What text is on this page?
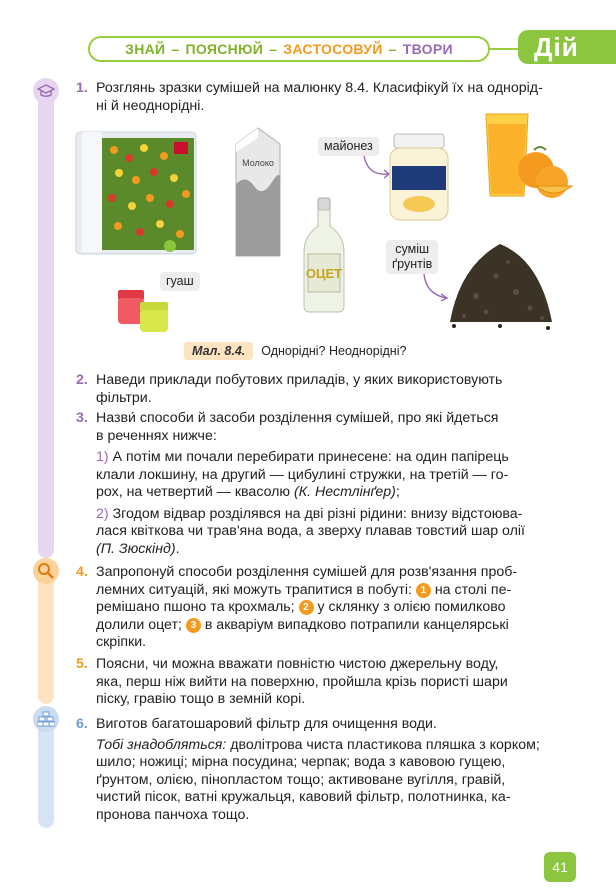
ЗНАЙ – ПОЯСНЮЙ – ЗАСТОСОВУЙ – ТВОРИ	Дій
1. Розглянь зразки сумішей на малюнку 8.4. Класифікуй їх на однорід-
ні й неоднорідні.
Молоко
ОЦЕТ
майонез
суміш
ґрунтів
гуаш
Мал. 8.4.	Однорідні? Неоднорідні?
2. Наведи приклади побутових приладів, у яких використовують
фільтри.
3. Назви́ способи й засоби розділення сумішей, про які йдеться
в реченнях нижче:
1) А потім ми почали перебирати принесене: на один папірець
клали локшину, на другий — цибулині стружки, на третій — го-
рох, на четвертий — квасолю (К. Нестлінґер);
2) Згодом відвар розділявся на дві різні рідини: внизу відстоюва-
лася квіткова чи трав'яна вода, а зверху плавав товстий шар олії
(П. Зюскінд).
4. Запропонуй способи розділення сумішей для розв'язання проб-
лемних ситуацій, які можуть трапитися в побуті: 1 на столі пе-
ремішано пшоно та крохмаль; 2 у склянку з олією помилково
долили оцет; 3 в акваріум випадково потрапили канцелярські
скріпки.
5. Поясни, чи можна вважати повністю чистою джерельну воду,
яка, перш ніж вийти на поверхню, пройшла крізь пористі шари
піску, гравію тощо в земній корі.
6. Виготов багатошаровий фільтр для очищення води.
Тобі знадобляться: дволітрова чиста пластикова пляшка з корком;
шило; ножиці; мірна посудина; черпак; вода з кавовою гущею,
ґрунтом, олією, пінопластом тощо; активоване вугілля, гравій,
чистий пісок, ватні кружальця, кавовий фільтр, полотнинка, ка-
пронова панчоха тощо.
41
